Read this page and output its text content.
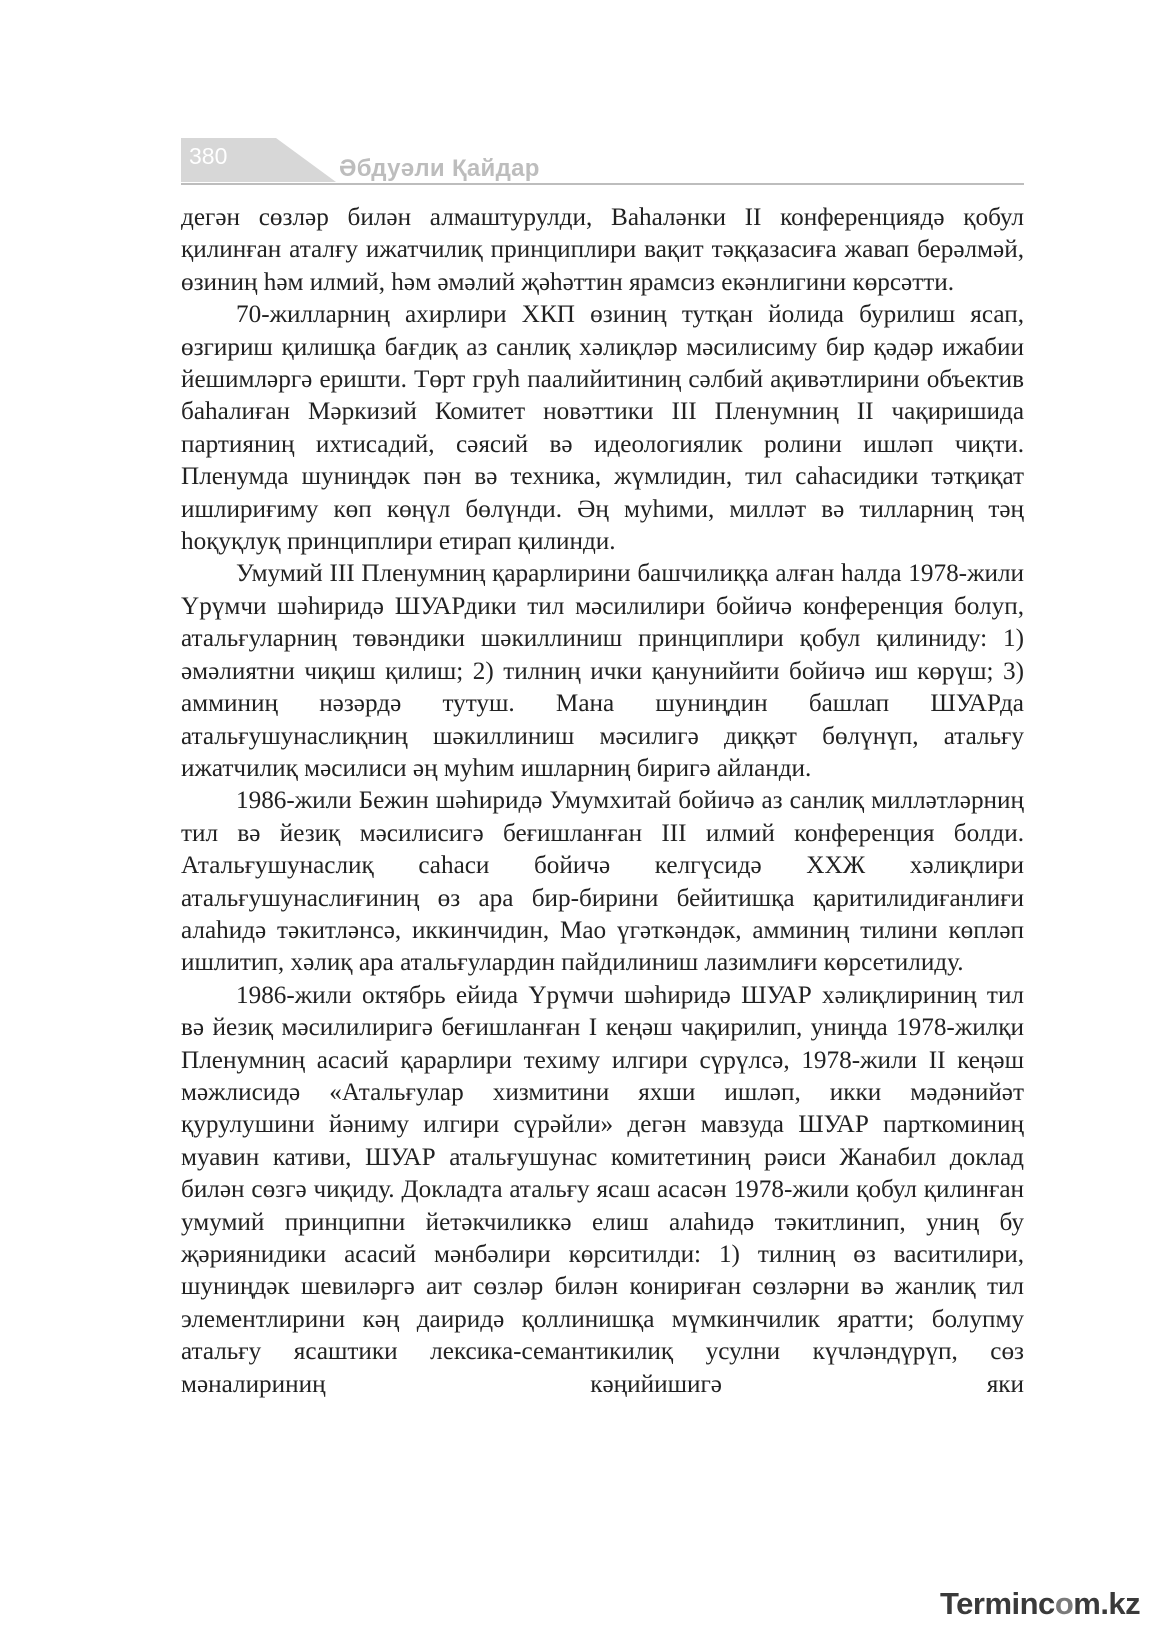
380	Әбдуәли Қайдар

дегән сөзләр билән алмаштурулди, Ваһаләнки II конференциядә қобул қилинған аталғу ижатчилиқ принциплири вақит тәққазасиға жавап берәлмәй, өзиниң һәм илмий, һәм әмәлий җәһәттин ярамсиз екәнлигини көрсәтти.

70-жилларниң ахирлири ХКП өзиниң тутқан йолида бурилиш ясап, өзгириш қилишқа бағдиқ аз санлиқ хәлиқләр мәсилисиму бир қәдәр ижабии йешимләргә еришти. Төрт груһ паалийитиниң сәлбий ақивәтлирини объектив баһалиған Мәркизий Комитет новәттики III Пленумниң II чақиришида партияниң ихтисадий, сәясий вә идеологиялик ролини ишләп чиқти. Пленумда шуниңдәк пән вә техника, жүмлидин, тил саһасидики тәтқиқат ишлириғиму көп көңүл бөлүнди. Әң муһими, милләт вә тилларниң тәң һоқуқлуқ принциплири етирап қилинди.

Умумий III Пленумниң қарарлирини башчилиққа алған һалда 1978-жили Үрүмчи шәһиридә ШУАРдики тил мәсилилири бойичә конференция болуп, атальғуларниң төвәндики шәкиллиниш принциплири қобул қилиниду: 1) әмәлиятни чиқиш қилиш; 2) тилниң ички қанунийити бойичә иш көрүш; 3) амминиң нәзәрдә тутуш. Мана шуниңдин башлап ШУАРда атальғушунаслиқниң шәкиллиниш мәсилигә диққәт бөлүнүп, атальғу ижатчилиқ мәсилиси әң муһим ишларниң биригә айланди.

1986-жили Бежин шәһиридә Умумхитай бойичә аз санлиқ милләтләрниң тил вә йезиқ мәсилисигә беғишланған III илмий конференция болди. Атальғушунаслиқ саһаси бойичә келгүсидә ХХЖ хәлиқлири атальғушунаслиғиниң өз ара бир-бирини бейитишқа қаритилидиғанлиғи алаһидә тәкитләнсә, иккинчидин, Мао үгәткәндәк, амминиң тилини көпләп ишлитип, хәлиқ ара атальғулардин пайдилиниш лазимлиғи көрсетилиду.

1986-жили октябрь ейида Үрүмчи шәһиридә ШУАР хәлиқлириниң тил вә йезиқ мәсилилиригә беғишланған I кеңәш чақирилип, униңда 1978-жилқи Пленумниң асасий қарарлири техиму илгири сүрүлсә, 1978-жили II кеңәш мәжлисидә «Атальғулар хизмитини яхши ишләп, икки мәдәнийәт қурулушини йәниму илгири сүрәйли» дегән мавзуда ШУАР парткоминиң муавин кативи, ШУАР атальғушунас комитетиниң рәиси Жанабил доклад билән сөзгә чиқиду. Докладта атальғу ясаш асасән 1978-жили қобул қилинған умумий принципни йетәкчиликкә елиш алаһидә тәкитлинип, униң бу җәриянидики асасий мәнбәлири көрситилди: 1) тилниң өз васитилири, шуниңдәк шевиләргә аит сөзләр билән конириған сөзләрни вә жанлиқ тил элементлирини кәң даиридә қоллинишқа мүмкинчилик яратти; болупму атальғу ясаштики лексика-семантикилиқ усулни күчләндүрүп, сөз мәналириниң кәңийишигә яки

Termincom.kz
